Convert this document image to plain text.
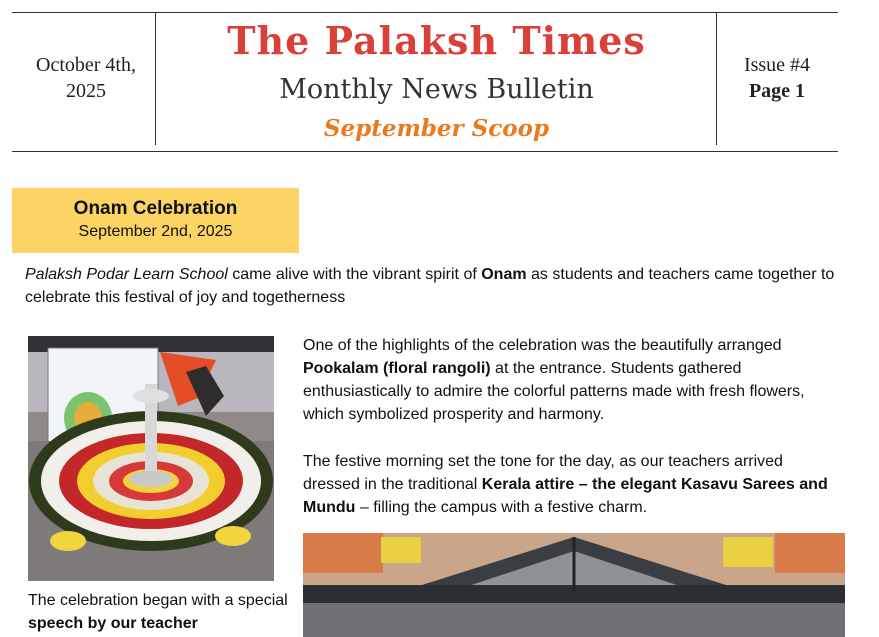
October 4th, 2025
The Palaksh Times
Monthly News Bulletin
September Scoop
Issue #4
Page 1
Onam Celebration
September 2nd, 2025
Palaksh Podar Learn School came alive with the vibrant spirit of Onam as students and teachers came together to celebrate this festival of joy and togetherness
One of the highlights of the celebration was the beautifully arranged Pookalam (floral rangoli) at the entrance. Students gathered enthusiastically to admire the colorful patterns made with fresh flowers, which symbolized prosperity and harmony.
The festive morning set the tone for the day, as our teachers arrived dressed in the traditional Kerala attire – the elegant Kasavu Sarees and Mundu – filling the campus with a festive charm.
The celebration began with a special speech by our teacher
